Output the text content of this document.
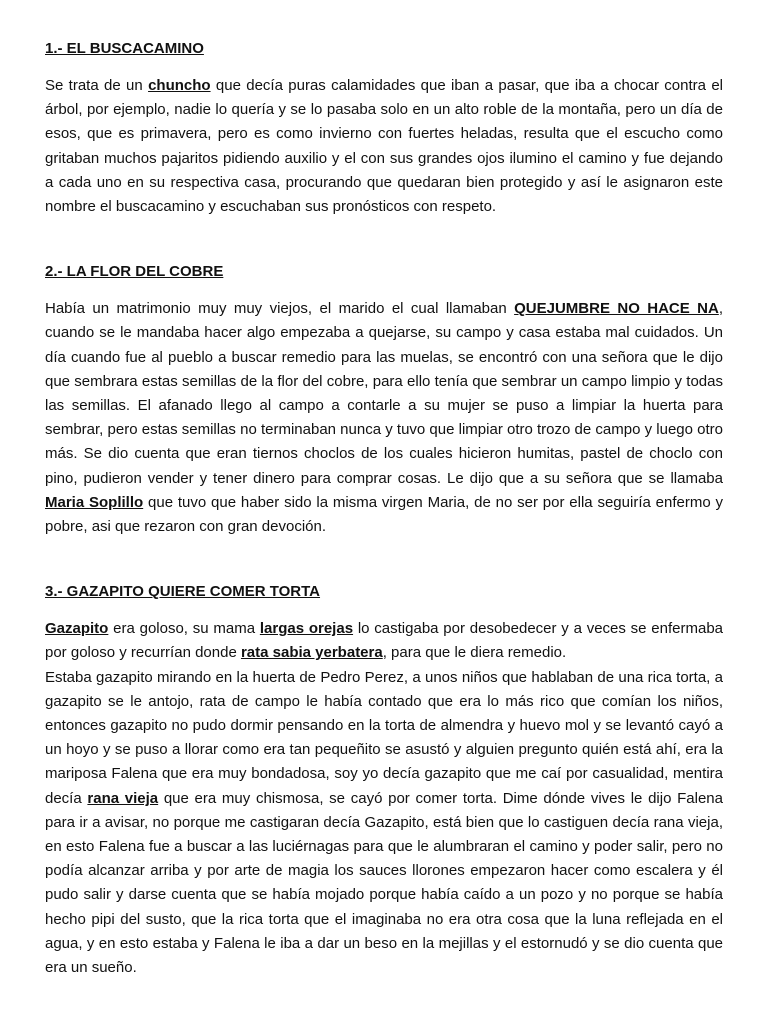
1.- EL BUSCACAMINO

Se trata de un chuncho que decía puras calamidades que iban a pasar, que iba a chocar contra el árbol, por ejemplo, nadie lo quería y se lo pasaba solo en un alto roble de la montaña, pero un día de esos, que es primavera, pero es como invierno con fuertes heladas, resulta que el escucho como gritaban muchos pajaritos pidiendo auxilio y el con sus grandes ojos ilumino el camino y fue dejando a cada uno en su respectiva casa, procurando que quedaran bien protegido y así le asignaron este nombre el buscacamino y escuchaban sus pronósticos con respeto.

2.- LA FLOR DEL COBRE

Había un matrimonio muy muy viejos, el marido el cual llamaban QUEJUMBRE NO HACE NA, cuando se le mandaba hacer algo empezaba a quejarse, su campo y casa estaba mal cuidados. Un día cuando fue al pueblo a buscar remedio para las muelas, se encontró con una señora que le dijo que sembrara estas semillas de la flor del cobre, para ello tenía que sembrar un campo limpio y todas las semillas. El afanado llego al campo a contarle a su mujer se puso a limpiar la huerta para sembrar, pero estas semillas no terminaban nunca y tuvo que limpiar otro trozo de campo y luego otro más. Se dio cuenta que eran tiernos choclos de los cuales hicieron humitas, pastel de choclo con pino, pudieron vender y tener dinero para comprar cosas. Le dijo que a su señora que se llamaba Maria Soplillo que tuvo que haber sido la misma virgen Maria, de no ser por ella seguiría enfermo y pobre, asi que rezaron con gran devoción.

3.- GAZAPITO QUIERE COMER TORTA

Gazapito era goloso, su mama largas orejas lo castigaba por desobedecer y a veces se enfermaba por goloso y recurrían donde rata sabia yerbatera, para que le diera remedio.

Estaba gazapito mirando en la huerta de Pedro Perez, a unos niños que hablaban de una rica torta, a gazapito se le antojo, rata de campo le había contado que era lo más rico que comían los niños, entonces gazapito no pudo dormir pensando en la torta de almendra y huevo mol y se levantó cayó a un hoyo y se puso a llorar como era tan pequeñito se asustó y alguien pregunto quién está ahí, era la mariposa Falena que era muy bondadosa, soy yo decía gazapito que me caí por casualidad, mentira decía rana vieja que era muy chismosa, se cayó por comer torta. Dime dónde vives le dijo Falena para ir a avisar, no porque me castigaran decía Gazapito, está bien que lo castiguen decía rana vieja, en esto Falena fue a buscar a las luciérnagas para que le alumbraran el camino y poder salir, pero no podía alcanzar arriba y por arte de magia los sauces llorones empezaron hacer como escalera y él pudo salir y darse cuenta que se había mojado porque había caído a un pozo y no porque se había hecho pipi del susto, que la rica torta que el imaginaba no era otra cosa que la luna reflejada en el agua, y en esto estaba y Falena le iba a dar un beso en la mejillas y el estornudó y se dio cuenta que era un sueño.
